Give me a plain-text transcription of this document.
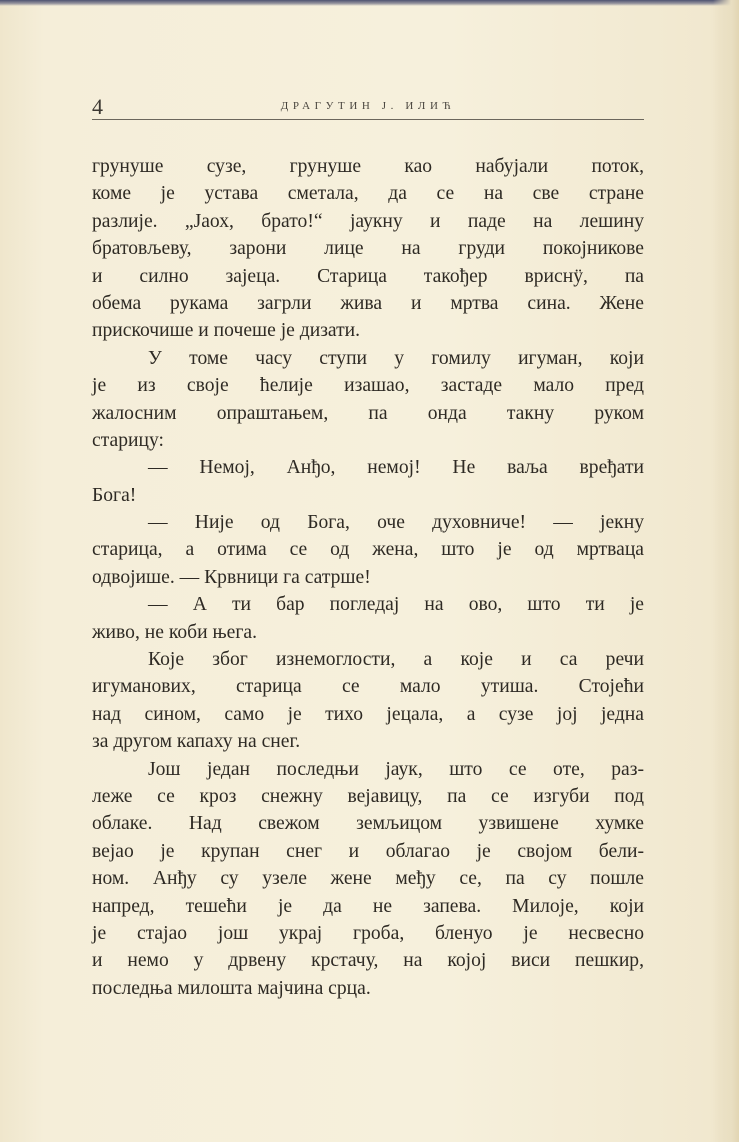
4	ДРАГУТИН Ј. ИЛИЋ
грунуше сузе, грунуше као набујали поток,
коме је устава сметала, да се на све стране
разлије. „Јаох, брато!“ јаукну и паде на лешину
братовљеву, зарони лице на груди покојникове
и силно зајеца. Старица такођер вриснÿ, па
обема рукама загрли жива и мртва сина. Жене
прискочише и почеше је дизати.
У томе часу ступи у гомилу игуман, који
је из своје ћелије изашао, застаде мало пред
жалосним опраштањем, па онда такну руком
старицу:
— Немој, Анђо, немој! Не ваља вређати
Бога!
— Није од Бога, оче духовниче! — јекну
старица, а отима се од жена, што је од мртваца
одвојише. — Крвници га сатрше!
— А ти бар погледај на ово, што ти је
живо, не коби њега.
Које због изнемоглости, а које и са речи
игуманових, старица се мало утиша. Стојећи
над сином, само је тихо јецала, а сузе јој једна
за другом капаху на снег.
Још један последњи јаук, што се оте, раз-
леже се кроз снежну вејавицу, па се изгуби под
облаке. Над свежом земљицом узвишене хумке
вејао је крупан снег и облагао је својом бели-
ном. Анђу су узеле жене међу се, па су пошле
напред, тешећи је да не запева. Милоје, који
је стајао још украј гроба, бленуо је несвесно
и немо у дрвену крстачу, на којој виси пешкир,
последња милошта мајчина срца.
